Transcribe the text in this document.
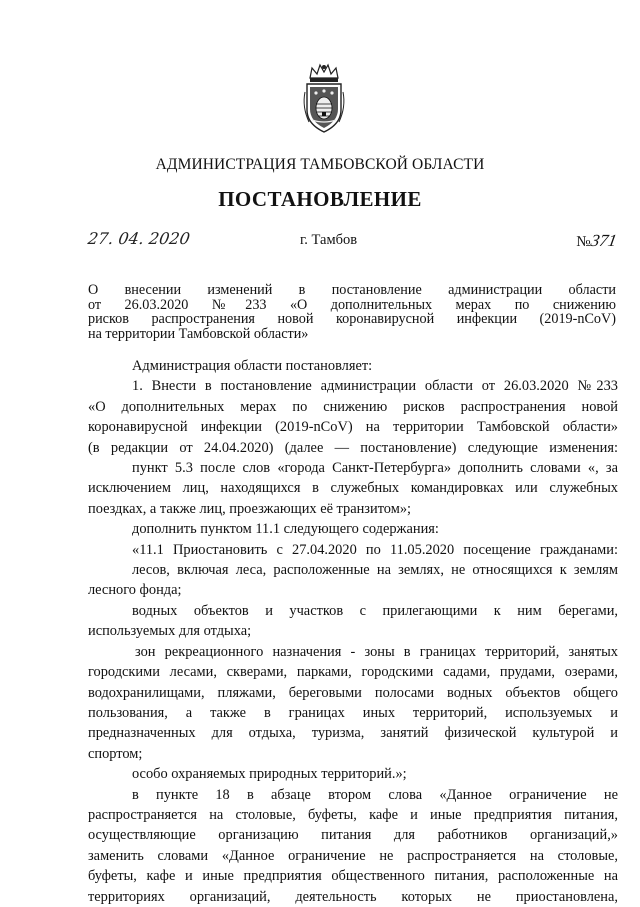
АДМИНИСТРАЦИЯ ТАМБОВСКОЙ ОБЛАСТИ
ПОСТАНОВЛЕНИЕ
27. 04. 2020	г. Тамбов	№371
О внесении изменений в постановление администрации области
от 26.03.2020 №233 «О дополнительных мерах по снижению
рисков распространения новой коронавирусной инфекции (2019-nCoV)
на территории Тамбовской области»
Администрация области постановляет:
1. Внести в постановление администрации области от 26.03.2020 №233
«О дополнительных мерах по снижению рисков распространения новой
коронавирусной инфекции (2019-nCoV) на территории Тамбовской области»
(в редакции от 24.04.2020) (далее — постановление) следующие изменения:
пункт 5.3 после слов «города Санкт-Петербурга» дополнить словами «, за
исключением лиц, находящихся в служебных командировках или служебных
поездках, а также лиц, проезжающих её транзитом»;
дополнить пунктом 11.1 следующего содержания:
«11.1 Приостановить с 27.04.2020 по 11.05.2020 посещение гражданами:
лесов, включая леса, расположенные на землях, не относящихся к землям
лесного фонда;
водных объектов и участков с прилегающими к ним берегами,
используемых для отдыха;
зон рекреационного назначения - зоны в границах территорий, занятых
городскими лесами, скверами, парками, городскими садами, прудами, озерами,
водохранилищами, пляжами, береговыми полосами водных объектов общего
пользования, а также в границах иных территорий, используемых и
предназначенных для отдыха, туризма, занятий физической культурой и
спортом;
особо охраняемых природных территорий.»;
в пункте 18 в абзаце втором слова «Данное ограничение не
распространяется на столовые, буфеты, кафе и иные предприятия питания,
осуществляющие организацию питания для работников организаций,»
заменить словами «Данное ограничение не распространяется на столовые,
буфеты, кафе и иные предприятия общественного питания, расположенные на
территориях организаций, деятельность которых не приостановлена,
